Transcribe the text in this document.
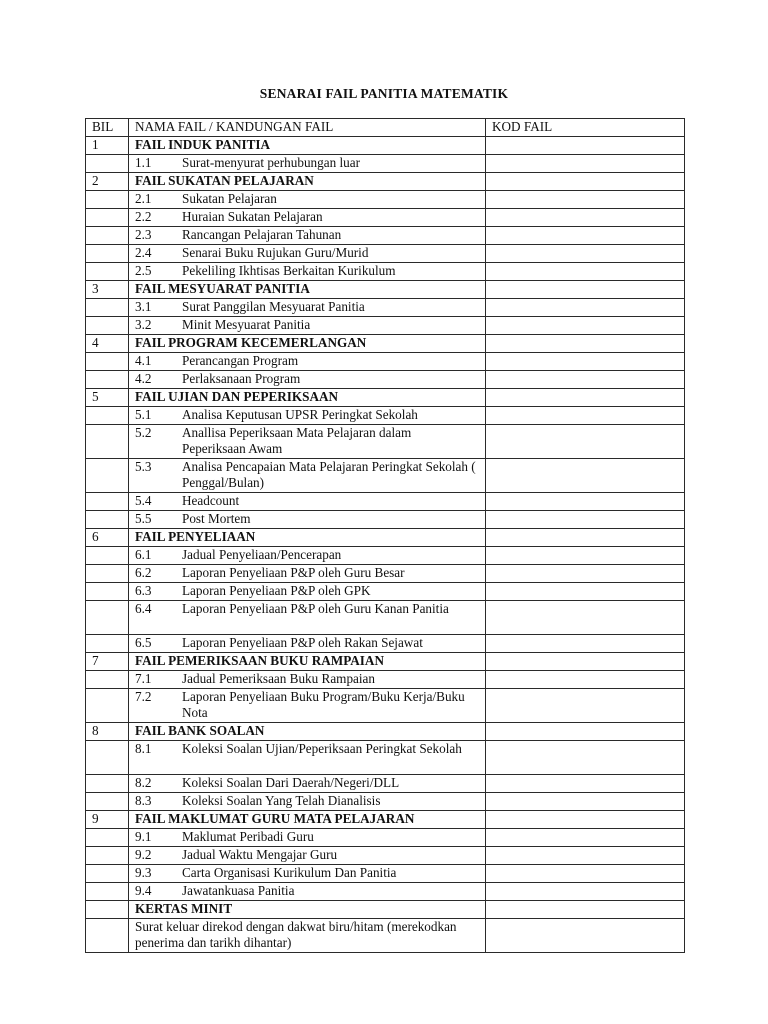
SENARAI FAIL PANITIA MATEMATIK
BIL	NAMA FAIL / KANDUNGAN FAIL	KOD FAIL
1	FAIL INDUK PANITIA	
	1.1 Surat-menyurat perhubungan luar	
2	FAIL SUKATAN PELAJARAN	
	2.1 Sukatan Pelajaran	
	2.2 Huraian Sukatan Pelajaran	
	2.3 Rancangan Pelajaran Tahunan	
	2.4 Senarai Buku Rujukan Guru/Murid	
	2.5 Pekeliling Ikhtisas Berkaitan Kurikulum	
3	FAIL MESYUARAT PANITIA	
	3.1 Surat Panggilan Mesyuarat Panitia	
	3.2 Minit Mesyuarat Panitia	
4	FAIL PROGRAM KECEMERLANGAN	
	4.1 Perancangan Program	
	4.2 Perlaksanaan Program	
5	FAIL UJIAN DAN PEPERIKSAAN	
	5.1 Analisa Keputusan UPSR Peringkat Sekolah	
	5.2 Anallisa Peperiksaan Mata Pelajaran dalam Peperiksaan Awam	
	5.3 Analisa Pencapaian Mata Pelajaran Peringkat Sekolah ( Penggal/Bulan)	
	5.4 Headcount	
	5.5 Post Mortem	
6	FAIL PENYELIAAN	
	6.1 Jadual Penyeliaan/Pencerapan	
	6.2 Laporan Penyeliaan P&P oleh Guru Besar	
	6.3 Laporan Penyeliaan P&P oleh GPK	
	6.4 Laporan Penyeliaan P&P oleh Guru Kanan Panitia	
	6.5 Laporan Penyeliaan P&P oleh Rakan Sejawat	
7	FAIL PEMERIKSAAN BUKU RAMPAIAN	
	7.1 Jadual Pemeriksaan Buku Rampaian	
	7.2 Laporan Penyeliaan Buku Program/Buku Kerja/Buku Nota	
8	FAIL BANK SOALAN	
	8.1 Koleksi Soalan Ujian/Peperiksaan Peringkat Sekolah	
	8.2 Koleksi Soalan Dari Daerah/Negeri/DLL	
	8.3 Koleksi Soalan Yang Telah Dianalisis	
9	FAIL MAKLUMAT GURU MATA PELAJARAN	
	9.1 Maklumat Peribadi Guru	
	9.2 Jadual Waktu Mengajar Guru	
	9.3 Carta Organisasi Kurikulum Dan Panitia	
	9.4 Jawatankuasa Panitia	
	KERTAS MINIT	
	Surat keluar direkod dengan dakwat biru/hitam (merekodkan penerima dan tarikh dihantar)	
